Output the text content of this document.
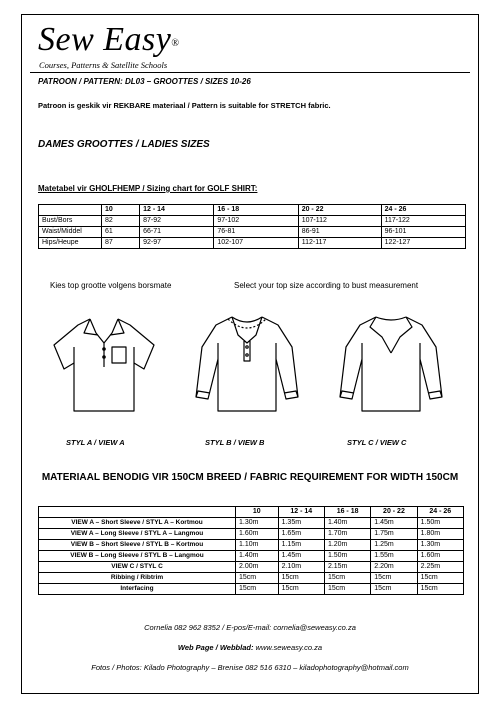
Sew Easy®
Courses, Patterns & Satellite Schools
PATROON / PATTERN: DL03 – GROOTTES / SIZES 10-26
Patroon is geskik vir REKBARE materiaal / Pattern is suitable for STRETCH fabric.
DAMES GROOTTES / LADIES SIZES
Matetabel vir GHOLFHEMP / Sizing chart for GOLF SHIRT:
	10	12 - 14	16 - 18	20 - 22	24 - 26
Bust/Bors	82	87-92	97-102	107-112	117-122
Waist/Middel	61	66-71	76-81	86-91	96-101
Hips/Heupe	87	92-97	102-107	112-117	122-127
Kies top grootte volgens borsmate	Select your top size according to bust measurement
STYL A / VIEW A	STYL B / VIEW B	STYL C / VIEW C
MATERIAAL BENODIG VIR 150CM BREED / FABRIC REQUIREMENT FOR WIDTH 150CM
	10	12 - 14	16 - 18	20 - 22	24 - 26
VIEW A – Short Sleeve / STYL A – Kortmou	1.30m	1.35m	1.40m	1.45m	1.50m
VIEW A – Long Sleeve / STYL A – Langmou	1.60m	1.65m	1.70m	1.75m	1.80m
VIEW B – Short Sleeve / STYL B – Kortmou	1.10m	1.15m	1.20m	1.25m	1.30m
VIEW B – Long Sleeve / STYL B – Langmou	1.40m	1.45m	1.50m	1.55m	1.60m
VIEW C / STYL C	2.00m	2.10m	2.15m	2.20m	2.25m
Ribbing / Ribtrim	15cm	15cm	15cm	15cm	15cm
Interfacing	15cm	15cm	15cm	15cm	15cm
Cornelia 082 962 8352 / E-pos/E-mail: cornelia@seweasy.co.za
Web Page / Webblad: www.seweasy.co.za
Fotos / Photos: Kilado Photography – Brenise 082 516 6310 – kiladophotography@hotmail.com
